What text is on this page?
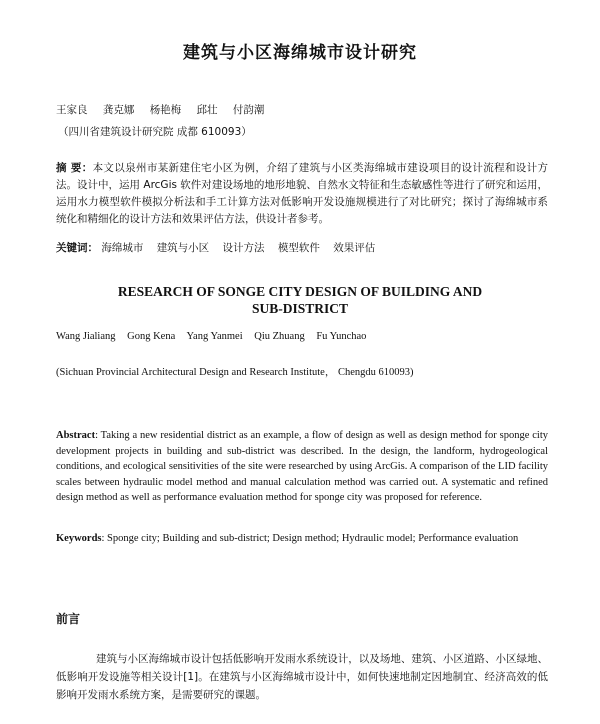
建筑与小区海绵城市设计研究
王家良 龚克娜 杨艳梅 邱壮 付韵潮
（四川省建筑设计研究院 成都 610093）
摘 要：本文以泉州市某新建住宅小区为例，介绍了建筑与小区类海绵城市建设项目的设计流程和设计方法。设计中，运用 ArcGis 软件对建设场地的地形地貌、自然水文特征和生态敏感性等进行了研究和运用，运用水力模型软件模拟分析法和手工计算方法对低影响开发设施规模进行了对比研究；探讨了海绵城市系统化和精细化的设计方法和效果评估方法，供设计者参考。
关键词： 海绵城市 建筑与小区 设计方法 模型软件 效果评估
RESEARCH OF SONGE CITY DESIGN OF BUILDING AND
SUB-DISTRICT
Wang Jialiang Gong Kena Yang Yanmei Qiu Zhuang Fu Yunchao
(Sichuan Provincial Architectural Design and Research Institute， Chengdu 610093)
Abstract: Taking a new residential district as an example, a flow of design as well as design method for sponge city development projects in building and sub-district was described. In the design, the landform, hydrogeological conditions, and ecological sensitivities of the site were researched by using ArcGis. A comparison of the LID facility scales between hydraulic model method and manual calculation method was carried out. A systematic and refined design method as well as performance evaluation method for sponge city was proposed for reference.
Keywords: Sponge city; Building and sub-district; Design method; Hydraulic model; Performance evaluation
前言
建筑与小区海绵城市设计包括低影响开发雨水系统设计，以及场地、建筑、小区道路、小区绿地、低影响开发设施等相关设计[1]。在建筑与小区海绵城市设计中，如何快速地制定因地制宜、经济高效的低影响开发雨水系统方案，是需要研究的课题。
